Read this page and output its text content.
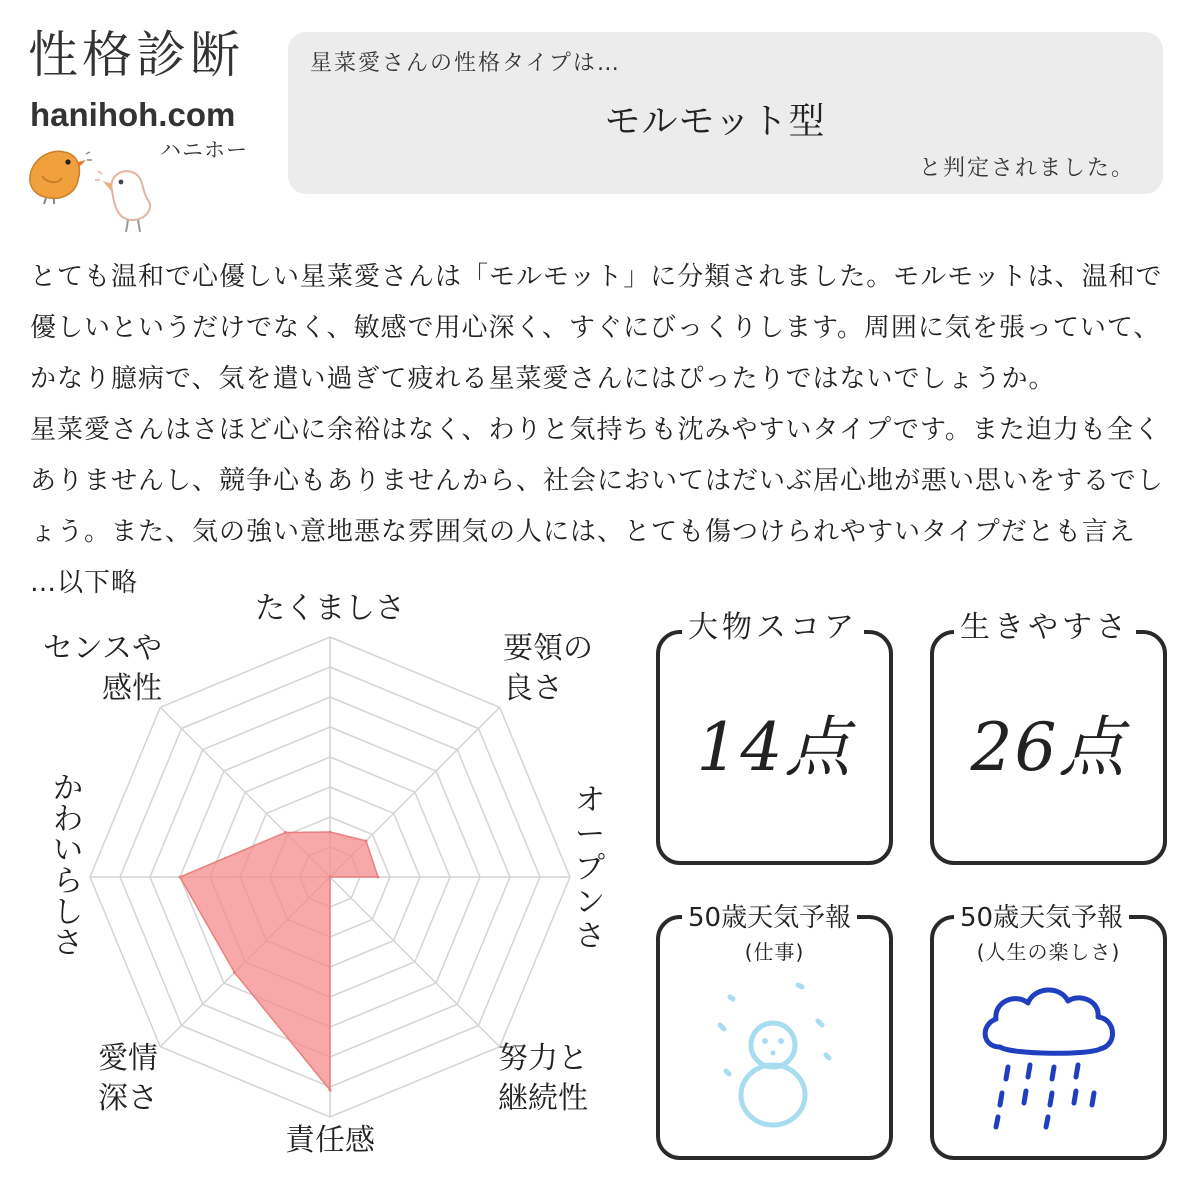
性格診断
hanihoh.com
ハニホー
星菜愛さんの性格タイプは…
モルモット型
と判定されました。

とても温和で心優しい星菜愛さんは「モルモット」に分類されました。モルモットは、温和で優しいというだけでなく、敏感で用心深く、すぐにびっくりします。周囲に気を張っていて、かなり臆病で、気を遣い過ぎて疲れる星菜愛さんにはぴったりではないでしょうか。

星菜愛さんはさほど心に余裕はなく、わりと気持ちも沈みやすいタイプです。また迫力も全くありませんし、競争心もありませんから、社会においてはだいぶ居心地が悪い思いをするでしょう。また、気の強い意地悪な雰囲気の人には、とても傷つけられやすいタイプだとも言え

…以下略

たくましさ
要領の良さ
オープンさ
努力と継続性
責任感
愛情深さ
かわいらしさ
センスや感性
大物スコア
14点
生きやすさ
26点
50歳天気予報
(仕事)
50歳天気予報
(人生の楽しさ)
